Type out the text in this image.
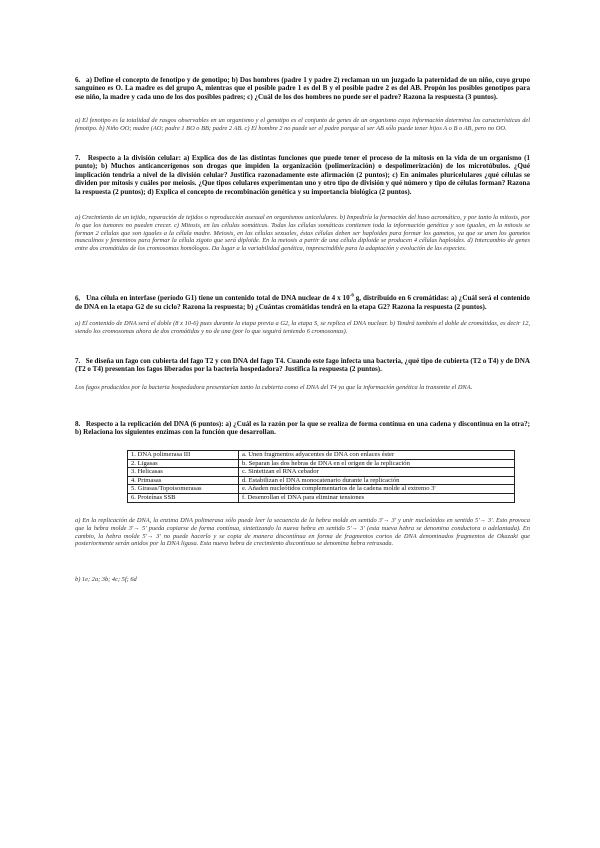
6. a) Define el concepto de fenotipo y de genotipo; b) Dos hombres (padre 1 y padre 2) reclaman un un juzgado la paternidad de un niño, cuyo grupo sanguíneo es O. La madre es del grupo A, mientras que el posible padre 1 es del B y el posible padre 2 es del AB. Propón los posibles genotipos para ese niño, la madre y cada uno de los dos posibles padres; c) ¿Cuál de los dos hombres no puede ser el padre? Razona la respuesta (3 puntos).
a) El fenotipo es la totalidad de rasgos observables en un organismo y el genotipo es el conjunto de genes de un organismo cuya información determina las características del fenotipo. b) Niño OO; madre (AO; padre 1 BO o BB; padre 2 AB. c) El hombre 2 no puede ser el padre porque al ser AB sólo puede tener hijos A o B o AB, pero no OO.
7. Respecto a la división celular: a) Explica dos de las distintas funciones que puede tener el proceso de la mitosis en la vida de un organismo (1 punto); b) Muchos anticancerígenos son drogas que impiden la organización (polimerización) o despolimerización) de los microtúbulos. ¿Qué implicación tendría a nivel de la división celular? Justifica razonadamente este afirmación (2 puntos); c) En animales pluricelulares ¿qué células se dividen por mitosis y cuáles por meiosis. ¿Que tipos celulares experimentan uno y otro tipo de división y qué número y tipo de células forman? Razona la respuesta (2 puntos); d) Explica el concepto de recombinación genética y su importancia biológica (2 puntos).
a) Crecimiento de un tejido, reparación de tejidos o reproducción asexual en organismos unicelulares. b) Impediría la formación del huso acromático, y por tanto la mitosis, por lo que los tumores no pueden crecer. c) Mitosis, en las células somáticas. Todas las células somáticas contienen toda la información genética y son iguales, en la mitosis se forman 2 células que son iguales a la célula madre. Meiosis, en las células sexuales, éstas células deben ser haploides para formar los gametos, ya que se unen los gametos masculinos y femeninos para formar la célula zigoto que será diploide. En la meiosis a partir de una célula diploide se producen 4 células haploides. d) Intercambio de genes entre dos cromátidas de los cromosomas homólogos. Da lugar a la variabilidad genética, imprescindible para la adaptación y evolución de las especies.
6. Una célula en interfase (período G1) tiene un contenido total de DNA nuclear de 4 x $10^{-6}$ g, distribuido en 6 cromátidas: a) ¿Cuál será el contenido de DNA en la etapa G2 de su ciclo? Razona la respuesta; b) ¿Cuántas cromátidas tendrá en la etapa G2? Razona la respuesta (2 puntos).
a) El contenido de DNA será el doble (8 x 10-6) pues durante la etapa previa a G2, la etapa S, se replica el DNA nuclear. b) Tendrá también el doble de cromátidas, es decir 12, siendo los cromosomas ahora de dos cromátidas y no de una (por lo que seguirá teniendo 6 cromosomas).
7. Se diseña un fago con cubierta del fago T2 y con DNA del fago T4. Cuando este fago infecta una bacteria, ¿qué tipo de cubierta (T2 o T4) y de DNA (T2 o T4) presentan los fagos liberados por la bacteria hospedadora? Justifica la respuesta (2 puntos).
Los fagos producidos por la bacteria hospedadora presentarían tanto la cubierta como el DNA del T4 ya que la información genética la transmite el DNA.
8. Respecto a la replicación del DNA (6 puntos): a) ¿Cuál es la razón por la que se realiza de forma contínua en una cadena y discontinua en la otra?; b) Relaciona los siguientes enzimas con la función que desarrollan.
1. DNA polimerasa III	a. Unen fragmentos adyacentes de DNA con enlaces éster
2. Ligasas	b. Separan las dos hebras de DNA en el origen de la replicación
3. Helicasas	c. Sintetizan el RNA cebador
4. Primasas	d. Estabilizan el DNA monocatenario durante la replicación
5. Girasas/Topoisomerasas	e. Añaden nucleótidos complementarios de la cadena molde al extremo 3'
6. Proteínas SSB	f. Desenrollan el DNA para eliminar tensiones
a) En la replicación de DNA, la enzima DNA polimerasa sólo puede leer la secuencia de la hebra molde en sentido 3'→ 3' y unir nucleótidos en sentido 5'→ 3'. Esto provoca que la hebra molde 3'→ 5' pueda copiarse de forma contínua, sintetizando la nueva hebra en sentido 5'→ 3' (esta nueva hebra se denomina conductora o adelantada). En cambio, la hebra molde 5'→ 3' no puede hacerlo y se copia de manera discontínua en forma de fragmentos cortos de DNA denominados fragmentos de Okazaki que posteriormente serán unidos por la DNA ligasa. Esta nueva hebra de crecimiento discontínuo se denomina hebra retrasada.
b) 1e; 2a; 3b; 4c; 5f; 6d
